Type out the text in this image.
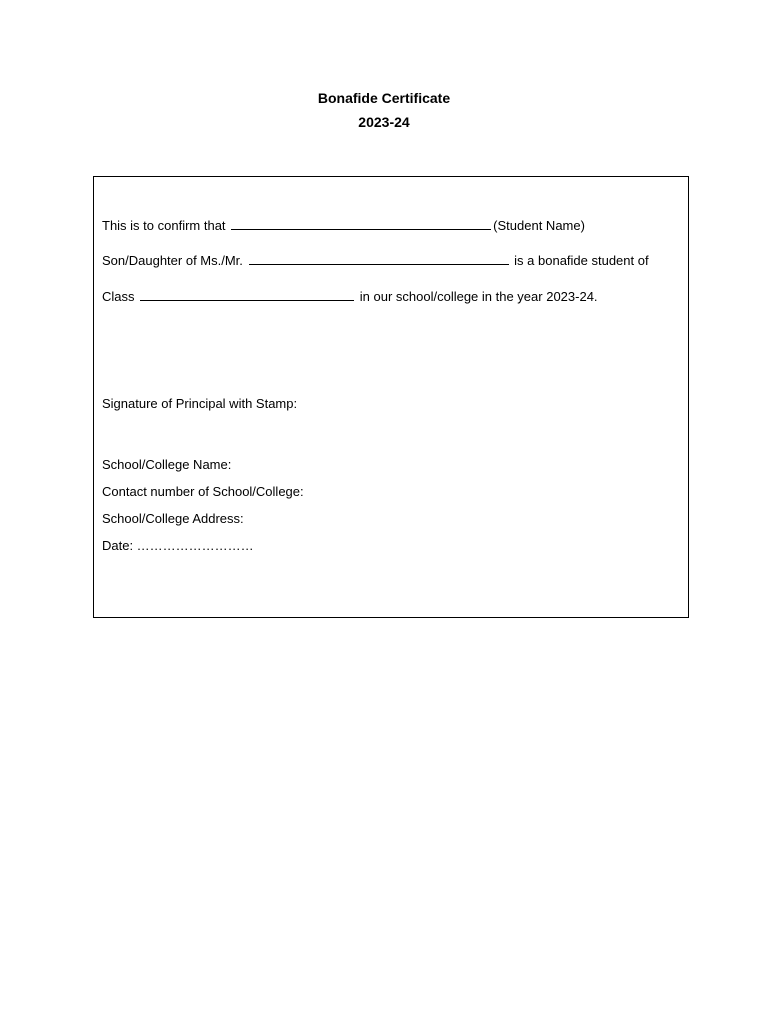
Bonafide Certificate
2023-24
This is to confirm that	(Student Name)
Son/Daughter of Ms./Mr.	is a bonafide student of
Class	in our school/college in the year 2023-24.
Signature of Principal with Stamp:
School/College Name:
Contact number of School/College:
School/College Address:
Date: ………………………
